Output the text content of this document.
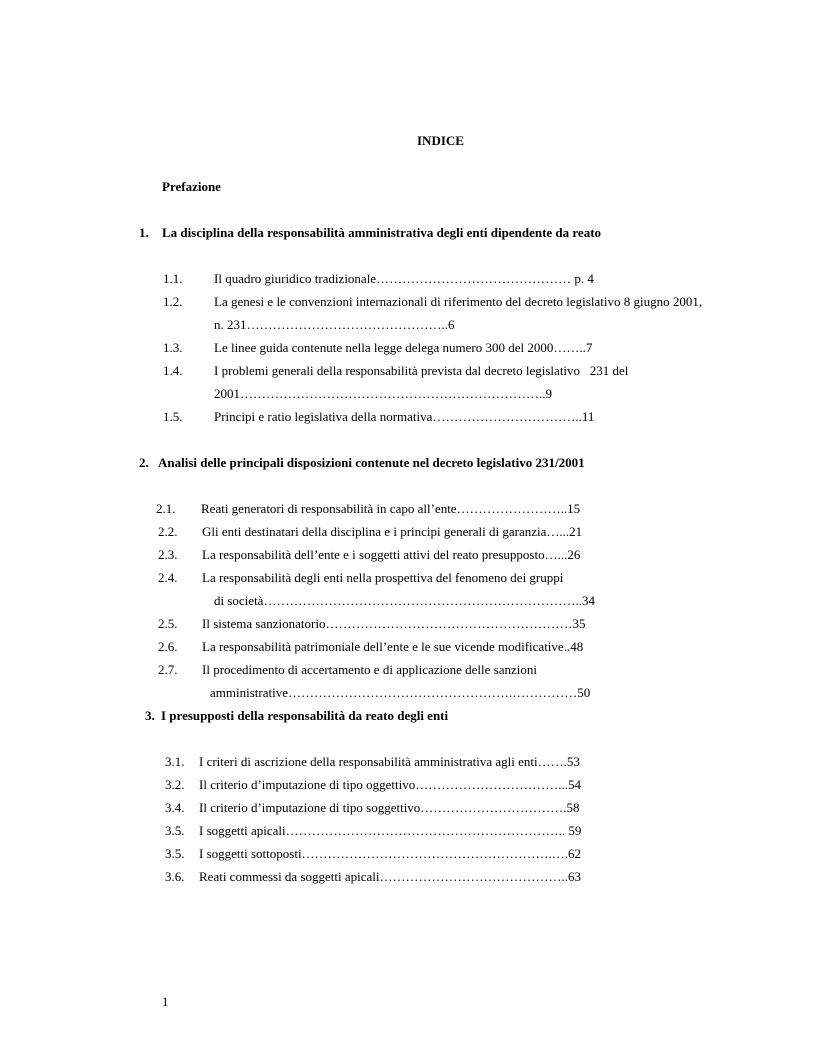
INDICE
Prefazione
1. La disciplina della responsabilità amministrativa degli enti dipendente da reato
1.1. Il quadro giuridico tradizionale……………………………………… p. 4
1.2. La genesi e le convenzioni internazionali di riferimento del decreto legislativo 8 giugno 2001,
n. 231………………………………………..6
1.3. Le linee guida contenute nella legge delega numero 300 del 2000……..7
1.4. I problemi generali della responsabilità prevista dal decreto legislativo   231 del
2001……………………………………………………………..9
1.5. Principi e ratio legislativa della normativa……………………………..11
2. Analisi delle principali disposizioni contenute nel decreto legislativo 231/2001
2.1. Reati generatori di responsabilità in capo all’ente……………………..15
2.2. Gli enti destinatari della disciplina e i principi generali di garanzia…...21
2.3. La responsabilità dell’ente e i soggetti attivi del reato presupposto…...26
2.4. La responsabilità degli enti nella prospettiva del fenomeno dei gruppi
di società………………………………………………………………..34
2.5. Il sistema sanzionatorio…………………………………………………35
2.6. La responsabilità patrimoniale dell’ente e le sue vicende modificative..48
2.7. Il procedimento di accertamento e di applicazione delle sanzioni
amministrative…………………………………………….……………50
3. I presupposti della responsabilità da reato degli enti
3.1. I criteri di ascrizione della responsabilità amministrativa agli enti…….53
3.2. Il criterio d’imputazione di tipo oggettivo……………………………...54
3.4. Il criterio d’imputazione di tipo soggettivo…………………………….58
3.5. I soggetti apicali……………………………………………………….. 59
3.5. I soggetti sottoposti………………………………………………….….62
3.6. Reati commessi da soggetti apicali……………………………………..63
1
